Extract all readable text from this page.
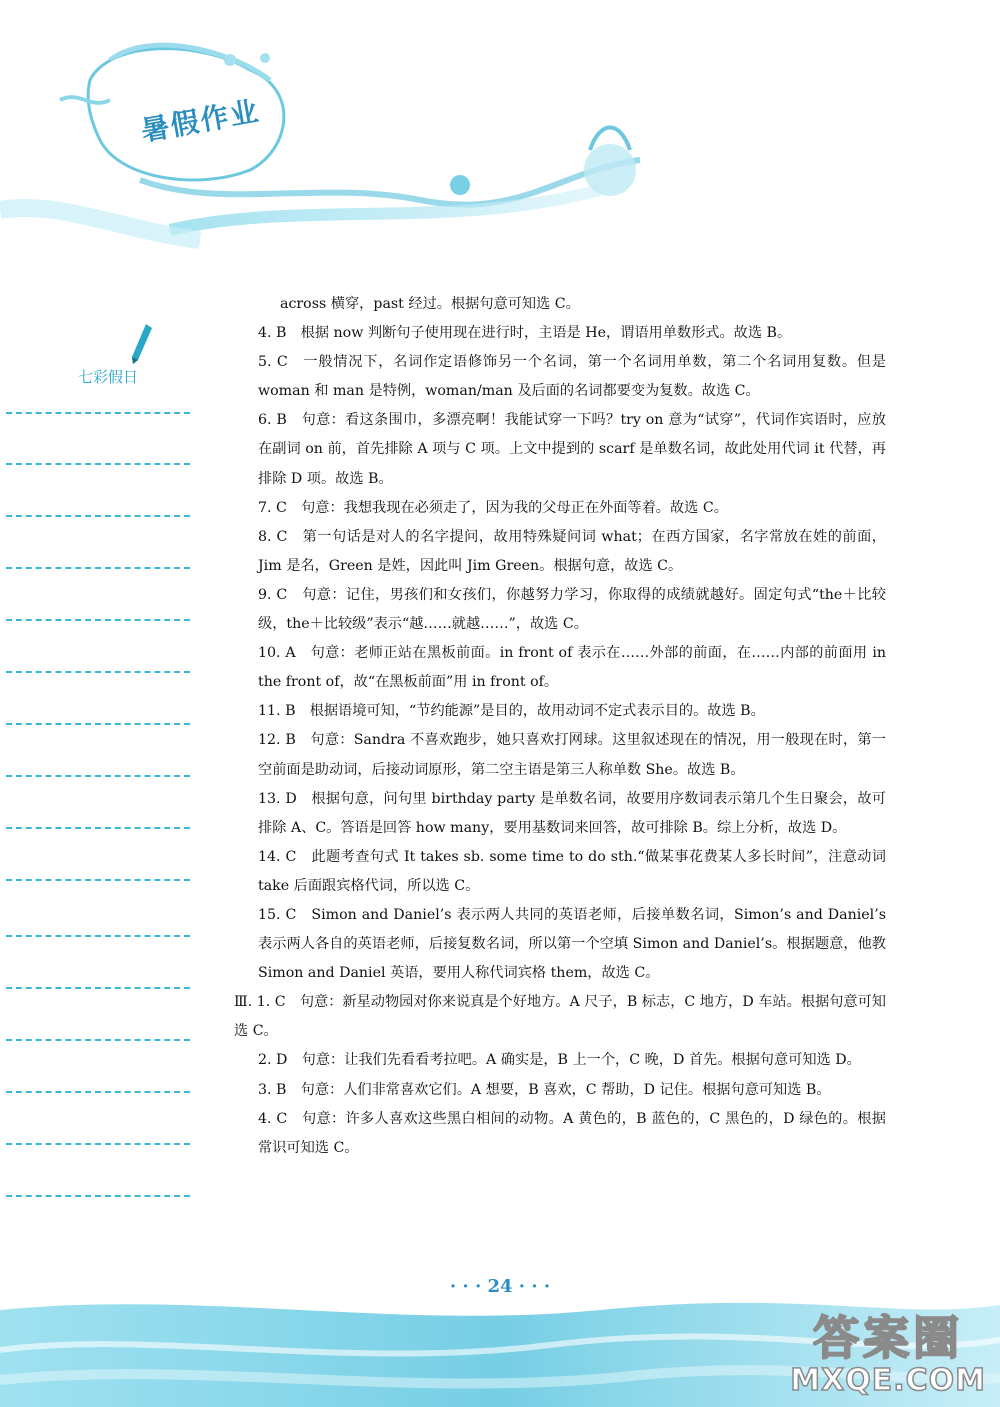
暑假作业
七彩假日

across 横穿，past 经过。根据句意可知选 C。

4. B　根据 now 判断句子使用现在进行时，主语是 He，谓语用单数形式。故选 B。

5. C　一般情况下，名词作定语修饰另一个名词，第一个名词用单数，第二个名词用复数。但是 woman 和 man 是特例，woman/man 及后面的名词都要变为复数。故选 C。

6. B　句意：看这条围巾，多漂亮啊！我能试穿一下吗？try on 意为“试穿”，代词作宾语时，应放在副词 on 前，首先排除 A 项与 C 项。上文中提到的 scarf 是单数名词，故此处用代词 it 代替，再排除 D 项。故选 B。

7. C　句意：我想我现在必须走了，因为我的父母正在外面等着。故选 C。

8. C　第一句话是对人的名字提问，故用特殊疑问词 what；在西方国家，名字常放在姓的前面，Jim 是名，Green 是姓，因此叫 Jim Green。根据句意，故选 C。

9. C　句意：记住，男孩们和女孩们，你越努力学习，你取得的成绩就越好。固定句式“the＋比较级，the＋比较级”表示“越……就越……”，故选 C。

10. A　句意：老师正站在黑板前面。in front of 表示在……外部的前面，在……内部的前面用 in the front of，故“在黑板前面”用 in front of。

11. B　根据语境可知，“节约能源”是目的，故用动词不定式表示目的。故选 B。

12. B　句意：Sandra 不喜欢跑步，她只喜欢打网球。这里叙述现在的情况，用一般现在时，第一空前面是助动词，后接动词原形，第二空主语是第三人称单数 She。故选 B。

13. D　根据句意，问句里 birthday party 是单数名词，故要用序数词表示第几个生日聚会，故可排除 A、C。答语是回答 how many，要用基数词来回答，故可排除 B。综上分析，故选 D。

14. C　此题考查句式 It takes sb. some time to do sth.“做某事花费某人多长时间”，注意动词 take 后面跟宾格代词，所以选 C。

15. C　Simon and Daniel’s 表示两人共同的英语老师，后接单数名词，Simon’s and Daniel’s 表示两人各自的英语老师，后接复数名词，所以第一个空填 Simon and Daniel’s。根据题意，他教 Simon and Daniel 英语，要用人称代词宾格 them，故选 C。

Ⅲ. 1. C　句意：新星动物园对你来说真是个好地方。A 尺子，B 标志，C 地方，D 车站。根据句意可知选 C。

2. D　句意：让我们先看看考拉吧。A 确实是，B 上一个，C 晚，D 首先。根据句意可知选 D。

3. B　句意：人们非常喜欢它们。A 想要，B 喜欢，C 帮助，D 记住。根据句意可知选 B。

4. C　句意：许多人喜欢这些黑白相间的动物。A 黄色的，B 蓝色的，C 黑色的，D 绿色的。根据常识可知选 C。

· · · 24 · · ·
答案圈
MXQE.COM
